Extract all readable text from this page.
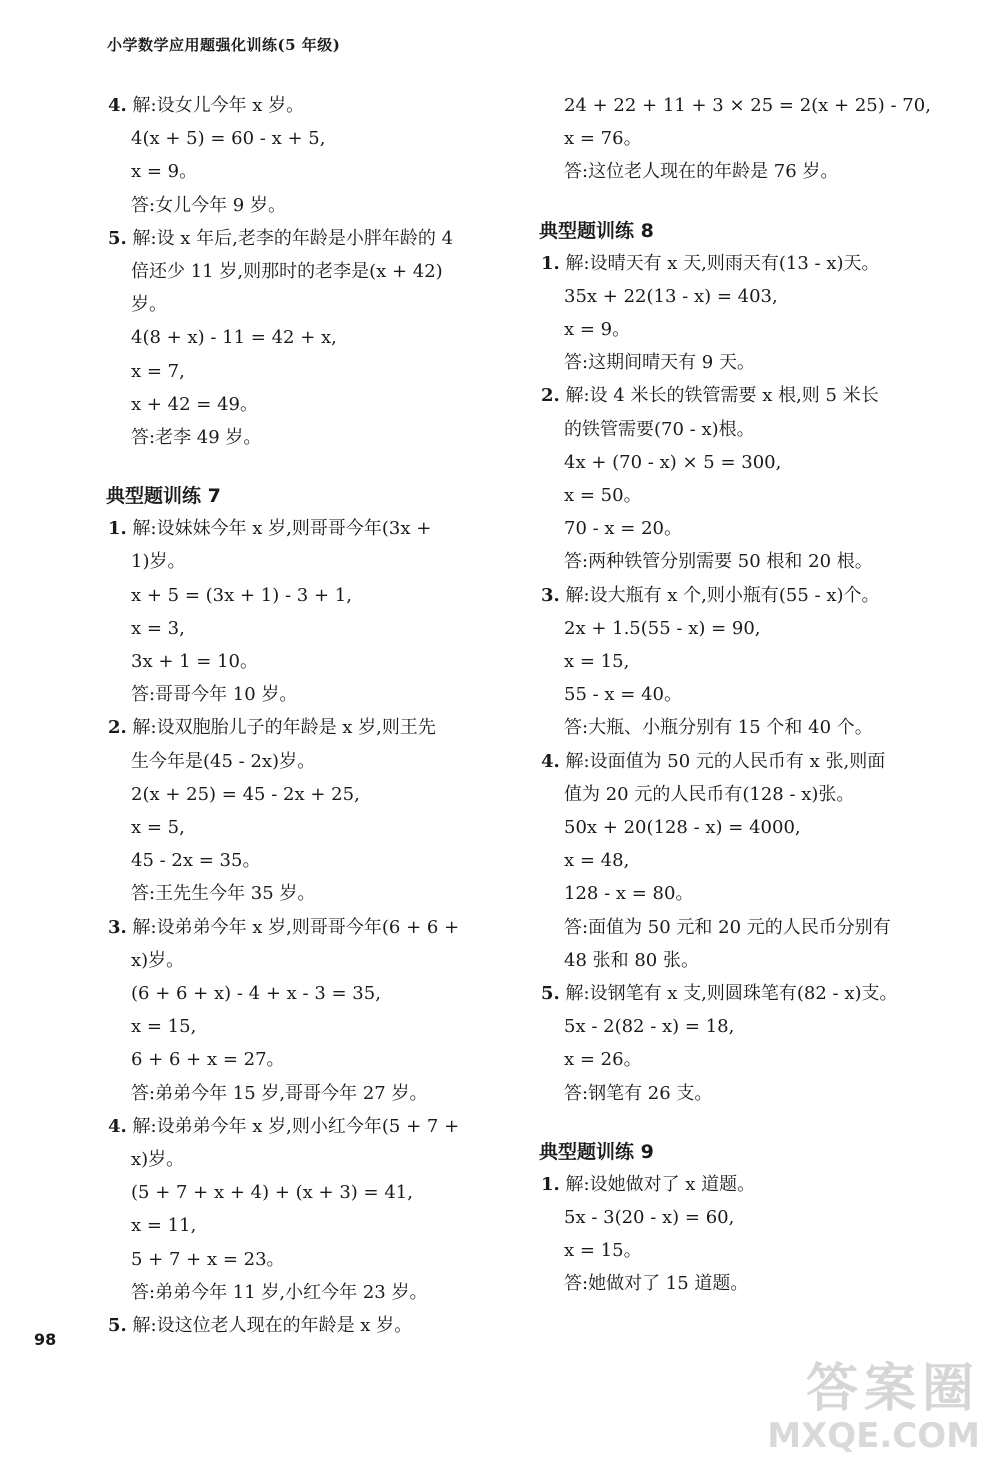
小学数学应用题强化训练(5 年级)
4. 解:设女儿今年 x 岁。
4(x + 5) = 60 - x + 5,
x = 9。
答:女儿今年 9 岁。
5. 解:设 x 年后,老李的年龄是小胖年龄的 4
倍还少 11 岁,则那时的老李是(x + 42)
岁。
4(8 + x) - 11 = 42 + x,
x = 7,
x + 42 = 49。
答:老李 49 岁。
典型题训练 7
1. 解:设妹妹今年 x 岁,则哥哥今年(3x +
1)岁。
x + 5 = (3x + 1) - 3 + 1,
x = 3,
3x + 1 = 10。
答:哥哥今年 10 岁。
2. 解:设双胞胎儿子的年龄是 x 岁,则王先
生今年是(45 - 2x)岁。
2(x + 25) = 45 - 2x + 25,
x = 5,
45 - 2x = 35。
答:王先生今年 35 岁。
3. 解:设弟弟今年 x 岁,则哥哥今年(6 + 6 +
x)岁。
(6 + 6 + x) - 4 + x - 3 = 35,
x = 15,
6 + 6 + x = 27。
答:弟弟今年 15 岁,哥哥今年 27 岁。
4. 解:设弟弟今年 x 岁,则小红今年(5 + 7 +
x)岁。
(5 + 7 + x + 4) + (x + 3) = 41,
x = 11,
5 + 7 + x = 23。
答:弟弟今年 11 岁,小红今年 23 岁。
5. 解:设这位老人现在的年龄是 x 岁。
24 + 22 + 11 + 3 × 25 = 2(x + 25) - 70,
x = 76。
答:这位老人现在的年龄是 76 岁。
典型题训练 8
1. 解:设晴天有 x 天,则雨天有(13 - x)天。
35x + 22(13 - x) = 403,
x = 9。
答:这期间晴天有 9 天。
2. 解:设 4 米长的铁管需要 x 根,则 5 米长
的铁管需要(70 - x)根。
4x + (70 - x) × 5 = 300,
x = 50。
70 - x = 20。
答:两种铁管分别需要 50 根和 20 根。
3. 解:设大瓶有 x 个,则小瓶有(55 - x)个。
2x + 1.5(55 - x) = 90,
x = 15,
55 - x = 40。
答:大瓶、小瓶分别有 15 个和 40 个。
4. 解:设面值为 50 元的人民币有 x 张,则面
值为 20 元的人民币有(128 - x)张。
50x + 20(128 - x) = 4000,
x = 48,
128 - x = 80。
答:面值为 50 元和 20 元的人民币分别有
48 张和 80 张。
5. 解:设钢笔有 x 支,则圆珠笔有(82 - x)支。
5x - 2(82 - x) = 18,
x = 26。
答:钢笔有 26 支。
典型题训练 9
1. 解:设她做对了 x 道题。
5x - 3(20 - x) = 60,
x = 15。
答:她做对了 15 道题。
98
答案圈
MXQE.COM
